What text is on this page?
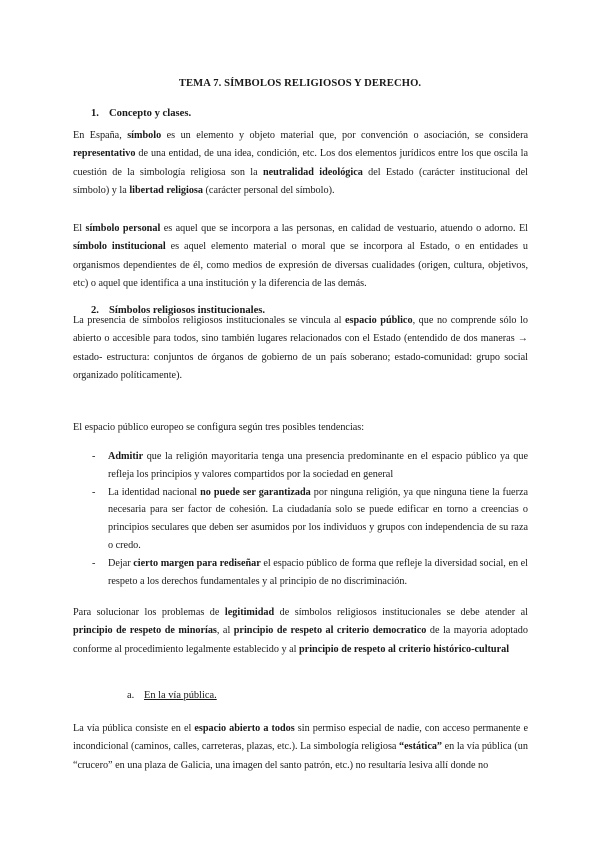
TEMA 7. SÍMBOLOS RELIGIOSOS Y DERECHO.
1. Concepto y clases.

En España, símbolo es un elemento y objeto material que, por convención o asociación, se considera representativo de una entidad, de una idea, condición, etc. Los dos elementos jurídicos entre los que oscila la cuestión de la simbología religiosa son la neutralidad ideológica del Estado (carácter institucional del símbolo) y la libertad religiosa (carácter personal del símbolo).

El símbolo personal es aquel que se incorpora a las personas, en calidad de vestuario, atuendo o adorno. El símbolo institucional es aquel elemento material o moral que se incorpora al Estado, o en entidades u organismos dependientes de él, como medios de expresión de diversas cualidades (origen, cultura, objetivos, etc) o aquel que identifica a una institución y la diferencia de las demás.

2. Símbolos religiosos institucionales.

La presencia de símbolos religiosos institucionales se vincula al espacio público, que no comprende sólo lo abierto o accesible para todos, sino también lugares relacionados con el Estado (entendido de dos maneras → estado- estructura: conjuntos de órganos de gobierno de un país soberano; estado-comunidad: grupo social organizado políticamente).

El espacio público europeo se configura según tres posibles tendencias:

- Admitir que la religión mayoritaria tenga una presencia predominante en el espacio público ya que refleja los principios y valores compartidos por la sociedad en general
- La identidad nacional no puede ser garantizada por ninguna religión, ya que ninguna tiene la fuerza necesaria para ser factor de cohesión. La ciudadanía solo se puede edificar en torno a creencias o principios seculares que deben ser asumidos por los individuos y grupos con independencia de su raza o credo.
- Dejar cierto margen para rediseñar el espacio público de forma que refleje la diversidad social, en el respeto a los derechos fundamentales y al principio de no discriminación.

Para solucionar los problemas de legitimidad de símbolos religiosos institucionales se debe atender al principio de respeto de minorías, al principio de respeto al criterio democratico de la mayoria adoptado conforme al procedimiento legalmente establecido y al principio de respeto al criterio histórico-cultural

a. En la vía pública.

La vía pública consiste en el espacio abierto a todos sin permiso especial de nadie, con acceso permanente e incondicional (caminos, calles, carreteras, plazas, etc.). La simbología religiosa “estática” en la vía pública (un “crucero” en una plaza de Galicia, una imagen del santo patrón, etc.) no resultaría lesiva allí donde no
